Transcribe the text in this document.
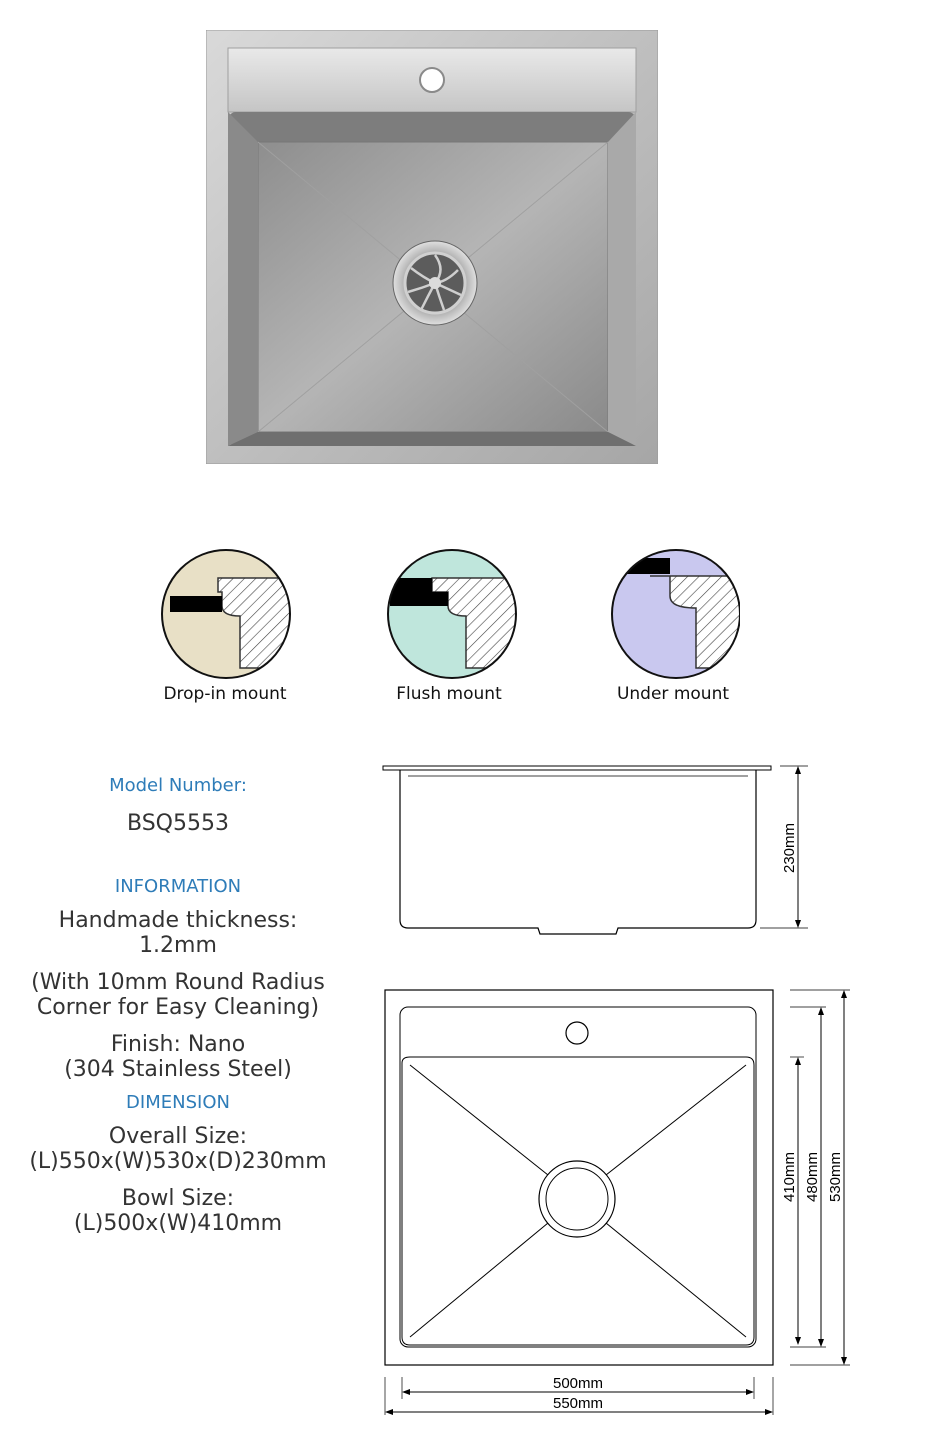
Drop-in mount	Flush mount	Under mount
Model Number:
BSQ5553
INFORMATION
Handmade thickness:
1.2mm
(With 10mm Round Radius
Corner for Easy Cleaning)
Finish: Nano
(304 Stainless Steel)
DIMENSION
Overall Size:
(L)550x(W)530x(D)230mm
Bowl Size:
(L)500x(W)410mm
230mm
410mm 480mm 530mm
500mm
550mm
